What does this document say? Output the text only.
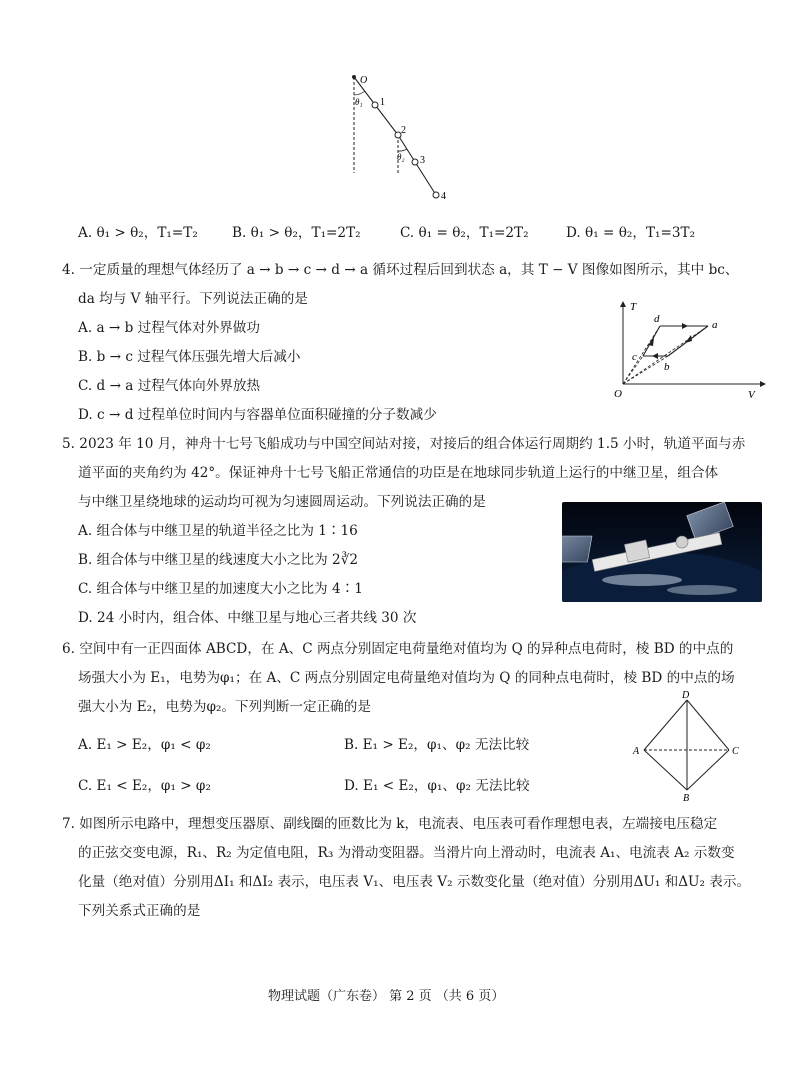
O
1
2
3
4
θ₁
θ₂
A. θ₁ > θ₂，T₁=T₂	B. θ₁ > θ₂，T₁=2T₂	C. θ₁ = θ₂，T₁=2T₂	D. θ₁ = θ₂，T₁=3T₂
4. 一定质量的理想气体经历了 a → b → c → d → a 循环过程后回到状态 a，其 T − V 图像如图所示，其中 bc、
da 均与 V 轴平行。下列说法正确的是
A. a → b 过程气体对外界做功
B. b → c 过程气体压强先增大后减小
C. d → a 过程气体向外界放热
D. c → d 过程单位时间内与容器单位面积碰撞的分子数减少
T
V
O
a
b
c
d
5. 2023 年 10 月，神舟十七号飞船成功与中国空间站对接，对接后的组合体运行周期约 1.5 小时，轨道平面与赤
道平面的夹角约为 42°。保证神舟十七号飞船正常通信的功臣是在地球同步轨道上运行的中继卫星，组合体
与中继卫星绕地球的运动均可视为匀速圆周运动。下列说法正确的是
A. 组合体与中继卫星的轨道半径之比为 1∶16
B. 组合体与中继卫星的线速度大小之比为 2∛2
C. 组合体与中继卫星的加速度大小之比为 4∶1
D. 24 小时内，组合体、中继卫星与地心三者共线 30 次
6. 空间中有一正四面体 ABCD，在 A、C 两点分别固定电荷量绝对值均为 Q 的异种点电荷时，棱 BD 的中点的
场强大小为 E₁，电势为φ₁；在 A、C 两点分别固定电荷量绝对值均为 Q 的同种点电荷时，棱 BD 的中点的场
强大小为 E₂，电势为φ₂。下列判断一定正确的是
A. E₁ > E₂，φ₁ < φ₂	B. E₁ > E₂，φ₁、φ₂ 无法比较
C. E₁ < E₂，φ₁ > φ₂	D. E₁ < E₂，φ₁、φ₂ 无法比较
D
A	C
B
7. 如图所示电路中，理想变压器原、副线圈的匝数比为 k，电流表、电压表可看作理想电表，左端接电压稳定
的正弦交变电源，R₁、R₂ 为定值电阻，R₃ 为滑动变阻器。当滑片向上滑动时，电流表 A₁、电流表 A₂ 示数变
化量（绝对值）分别用ΔI₁ 和ΔI₂ 表示，电压表 V₁、电压表 V₂ 示数变化量（绝对值）分别用ΔU₁ 和ΔU₂ 表示。
下列关系式正确的是
物理试题（广东卷） 第 2 页 （共 6 页）
